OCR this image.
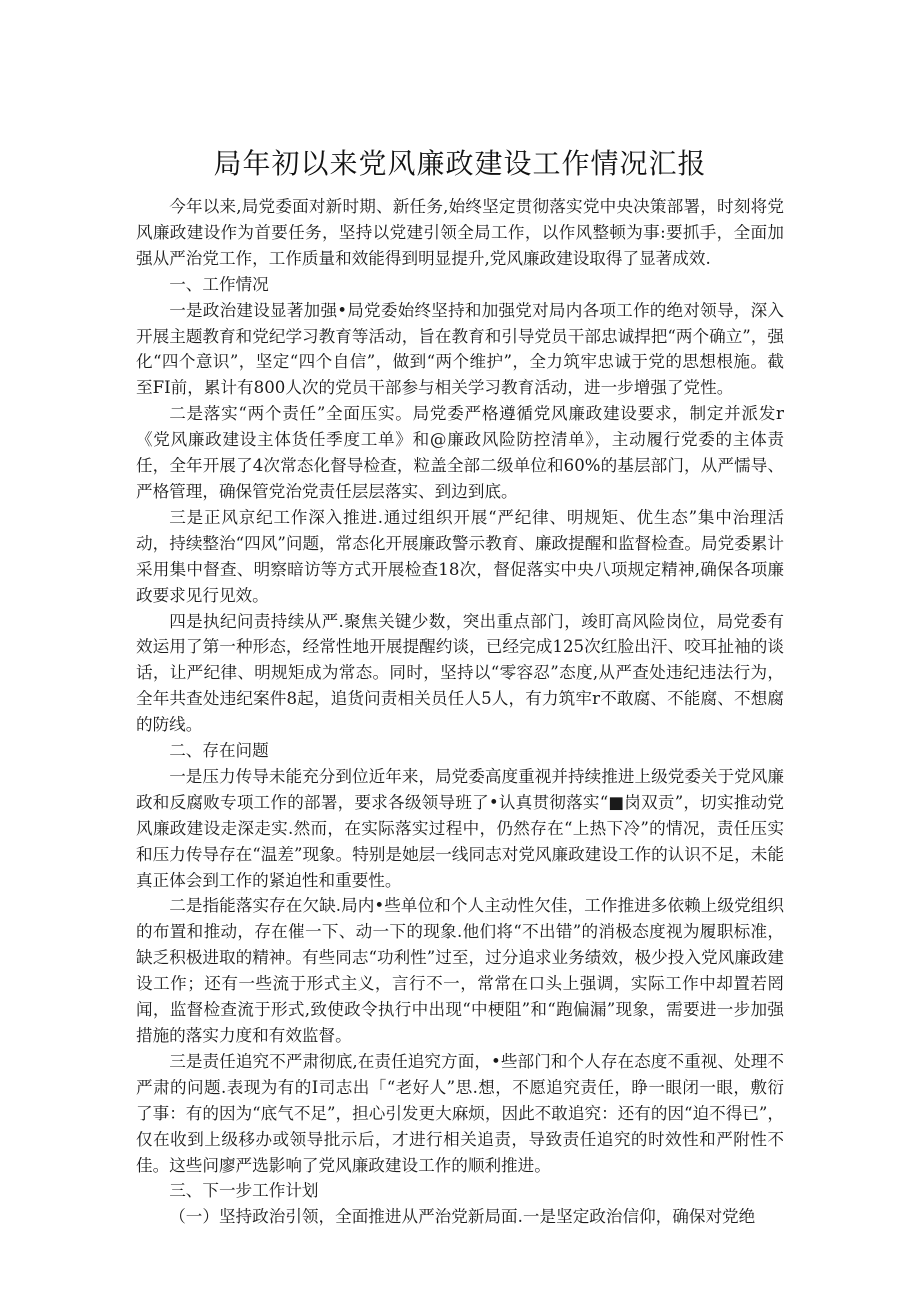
局年初以来党风廉政建设工作情况汇报

今年以来,局党委面对新时期、新任务,始终坚定贯彻落实党中央决策部署，时刻将党风廉政建设作为首要任务，坚持以党建引领全局工作，以作风整顿为事:要抓手，全面加强从严治党工作，工作质量和效能得到明显提升,党风廉政建设取得了显著成效.

一、工作情况

一是政治建设显著加强•局党委始终坚持和加强党对局内各项工作的绝对领导，深入开展主题教育和党纪学习教育等活动，旨在教育和引导党员干部忠诚捍把“两个确立”，强化“四个意识”，坚定“四个自信”，做到“两个维护”，全力筑牢忠诚于党的思想根施。截至FI前，累计有800人次的党员干部参与相关学习教育活动，进一步增强了党性。

二是落实“两个责任”全面压实。局党委严格遵循党风廉政建设要求，制定并派发r《党风廉政建设主体货任季度工单》和@廉政风险防控清单》，主动履行党委的主体责任，全年开展了4次常态化督导检查，粒盖全部二级单位和60%的基层部门，从严懦导、严格管理，确保管党治党责任层层落实、到边到底。

三是正风京纪工作深入推进.通过组织开展“严纪律、明规矩、优生态”集中治理活动，持续整治“四风”问题，常态化开展廉政警示教育、廉政提醒和监督检查。局党委累计采用集中督查、明察暗访等方式开展检查18次，督促落实中央八项规定精神,确保各项廉政要求见行见效。

四是执纪问责持续从严.聚焦关键少数，突出重点部门，竣盯高风险岗位，局党委有效运用了第一种形态，经常性地开展提醒约谈，已经完成125次红脸出汗、咬耳扯袖的谈话，让严纪律、明规矩成为常态。同时，坚持以“零容忍”态度,从严查处违纪违法行为，全年共查处违纪案件8起，追货问责相关员任人5人，有力筑牢r不敢腐、不能腐、不想腐的防线。

二、存在问题

一是压力传导未能充分到位近年来，局党委高度重视并持续推进上级党委关于党风廉政和反腐败专项工作的部署，要求各级领导班了•认真贯彻落实“■岗双贡”，切实推动党风廉政建设走深走实.然而，在实际落实过程中，仍然存在“上热下冷”的情况，责任压实和压力传导存在“温差”现象。特别是她层一线同志对党风廉政建设工作的认识不足，未能真正体会到工作的紧迫性和重要性。

二是指能落实存在欠缺.局内•些单位和个人主动性欠佳，工作推进多依赖上级党组织的布置和推动，存在催一下、动一下的现象.他们将“不出错”的消极态度视为履职标准，缺乏积极进取的精神。有些同志“功利性”过至，过分追求业务绩效，极少投入党风廉政建设工作；还有一些流于形式主义，言行不一，常常在口头上强调，实际工作中却置若罔闻，监督检查流于形式,致使政令执行中出现“中梗阻”和“跑偏漏”现象，需要进一步加强措施的落实力度和有效监督。

三是责任追究不严肃彻底,在责任追究方面，•些部门和个人存在态度不重视、处理不严肃的问题.表现为有的I司志出「“老好人”思.想，不愿追究责任，睁一眼闭一眼，敷衍了事：有的因为“底气不足”，担心引发更大麻烦，因此不敢追究：还有的因“迫不得已”，仅在收到上级移办或领导批示后，才进行相关追责，导致责任追究的时效性和严附性不佳。这些问廖严选影响了党风廉政建设工作的顺利推进。

三、下一步工作计划

（一）坚持政治引领，全面推进从严治党新局面.一是坚定政治信仰，确保对党绝
